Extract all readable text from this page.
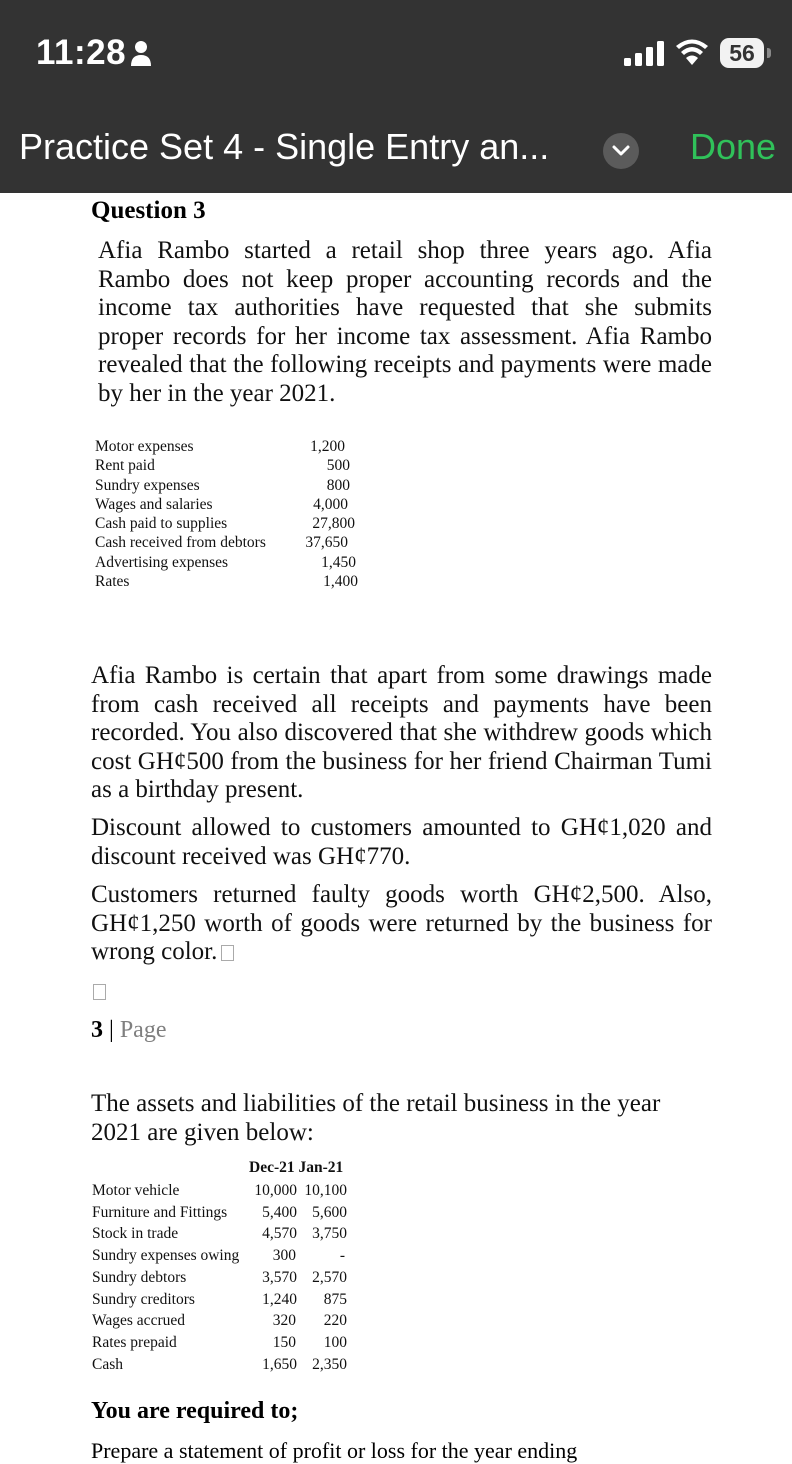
11:28	56
Practice Set 4 - Single Entry an...	Done
Question 3
Afia Rambo started a retail shop three years ago. Afia Rambo does not keep proper accounting records and the income tax authorities have requested that she submits proper records for her income tax assessment. Afia Rambo revealed that the following receipts and payments were made by her in the year 2021.
Motor expenses
Rent paid
Sundry expenses
Wages and salaries
Cash paid to supplies
Cash received from debtors
Advertising expenses
Rates
1,200
500
800
4,000
27,800
37,650
1,450
1,400
Afia Rambo is certain that apart from some drawings made from cash received all receipts and payments have been recorded. You also discovered that she withdrew goods which cost GH¢500 from the business for her friend Chairman Tumi as a birthday present.
Discount allowed to customers amounted to GH¢1,020 and discount received was GH¢770.
Customers returned faulty goods worth GH¢2,500. Also, GH¢1,250 worth of goods were returned by the business for wrong color.
3 | Page
The assets and liabilities of the retail business in the year 2021 are given below:
Dec-21 Jan-21
Motor vehicle
Furniture and Fittings
Stock in trade
Sundry expenses owing
Sundry debtors
Sundry creditors
Wages accrued
Rates prepaid
Cash
10,000
5,400
4,570
300
3,570
1,240
320
150
1,650
10,100
5,600
3,750
-
2,570
875
220
100
2,350
You are required to;
Prepare a statement of profit or loss for the year ending
